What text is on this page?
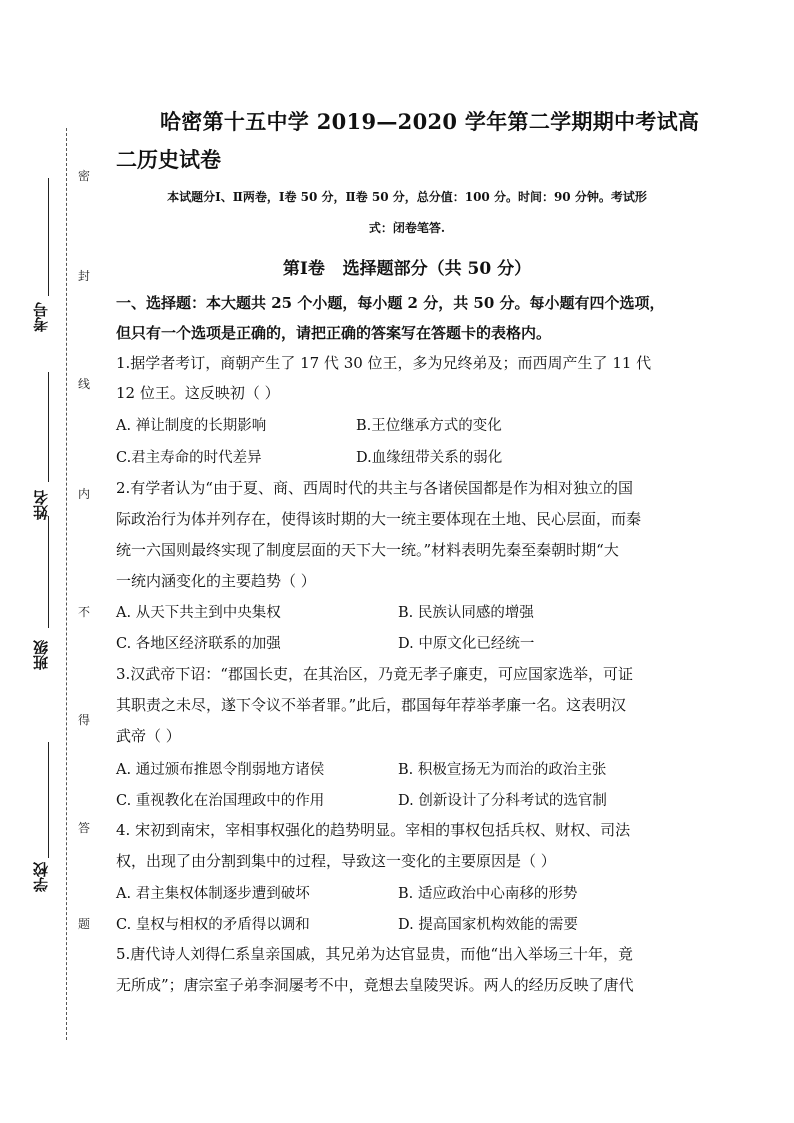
密
封
线
内
不
得
答
题
考号
姓名
班级
学校
哈密第十五中学 2019—2020 学年第二学期期中考试高
二历史试卷
本试题分Ⅰ、Ⅱ两卷，Ⅰ卷 50 分，Ⅱ卷 50 分，总分值：100 分。时间：90 分钟。考试形
式：闭卷笔答.
第Ⅰ卷   选择题部分（共 50 分）
一、选择题：本大题共 25 个小题，每小题 2 分，共 50 分。每小题有四个选项，
但只有一个选项是正确的，请把正确的答案写在答题卡的表格内。
1.据学者考订，商朝产生了 17 代 30 位王，多为兄终弟及；而西周产生了 11 代
12 位王。这反映初（ ）
A. 禅让制度的长期影响	B.王位继承方式的变化
C.君主寿命的时代差异	D.血缘纽带关系的弱化
2.有学者认为“由于夏、商、西周时代的共主与各诸侯国都是作为相对独立的国
际政治行为体并列存在，使得该时期的大一统主要体现在土地、民心层面，而秦
统一六国则最终实现了制度层面的天下大一统。”材料表明先秦至秦朝时期“大
一统内涵变化的主要趋势（ ）
A. 从天下共主到中央集权	B. 民族认同感的增强
C. 各地区经济联系的加强	D. 中原文化已经统一
3.汉武帝下诏：“郡国长吏，在其治区，乃竟无孝子廉吏，可应国家选举，可证
其职责之未尽，遂下令议不举者罪。”此后，郡国每年荐举孝廉一名。这表明汉
武帝（ ）
A. 通过颁布推恩令削弱地方诸侯	B. 积极宣扬无为而治的政治主张
C. 重视教化在治国理政中的作用	D. 创新设计了分科考试的选官制
4. 宋初到南宋，宰相事权强化的趋势明显。宰相的事权包括兵权、财权、司法
权，出现了由分割到集中的过程，导致这一变化的主要原因是（ ）
A. 君主集权体制逐步遭到破坏	B. 适应政治中心南移的形势
C. 皇权与相权的矛盾得以调和	D. 提高国家机构效能的需要
5.唐代诗人刘得仁系皇亲国戚，其兄弟为达官显贵，而他“出入举场三十年，竟
无所成”；唐宗室子弟李洞屡考不中，竟想去皇陵哭诉。两人的经历反映了唐代
